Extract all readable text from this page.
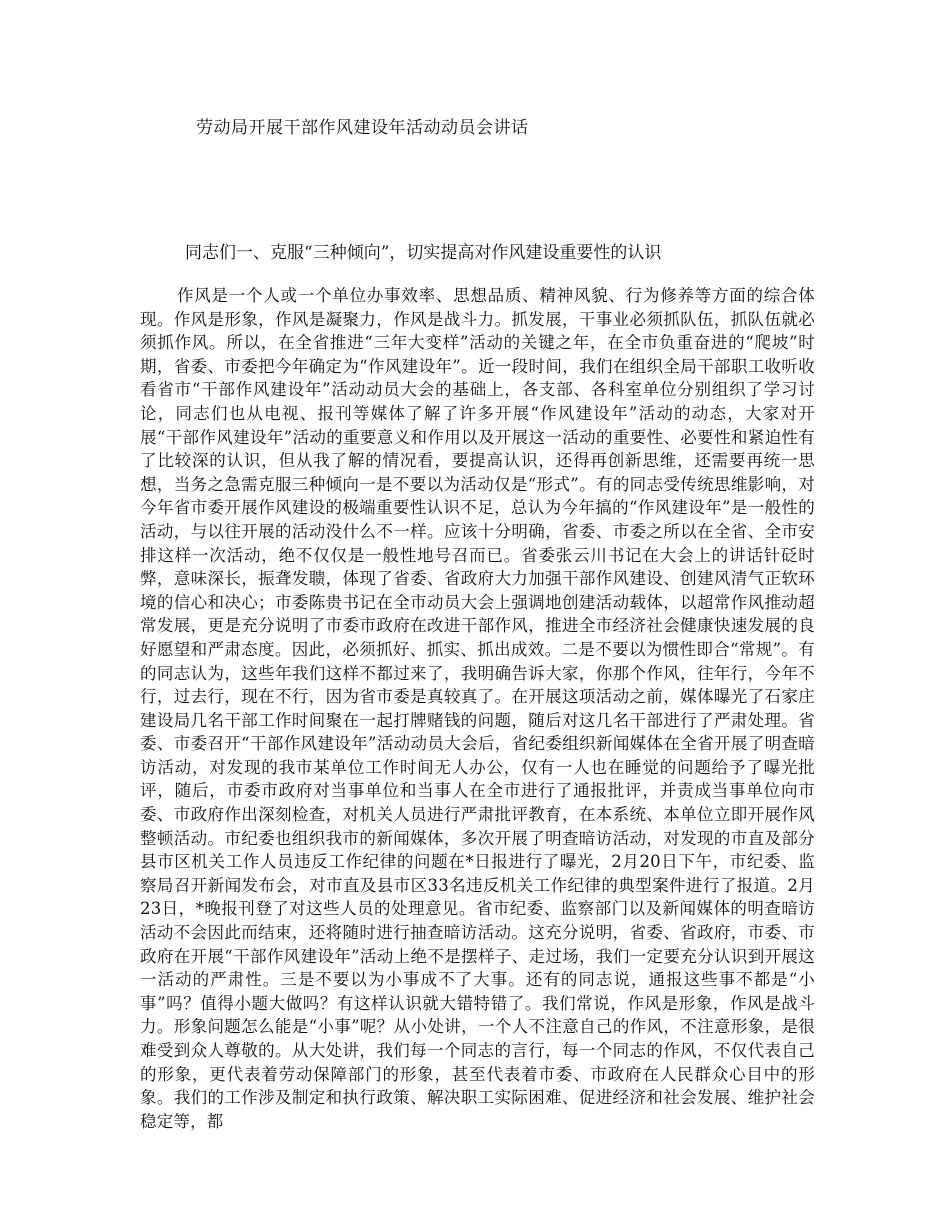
劳动局开展干部作风建设年活动动员会讲话
同志们一、克服“三种倾向”，切实提高对作风建设重要性的认识

作风是一个人或一个单位办事效率、思想品质、精神风貌、行为修养等方面的综合体现。作风是形象，作风是凝聚力，作风是战斗力。抓发展，干事业必须抓队伍，抓队伍就必须抓作风。所以，在全省推进“三年大变样”活动的关键之年，在全市负重奋进的“爬坡”时期，省委、市委把今年确定为“作风建设年”。近一段时间，我们在组织全局干部职工收听收看省市“干部作风建设年”活动动员大会的基础上，各支部、各科室单位分别组织了学习讨论，同志们也从电视、报刊等媒体了解了许多开展“作风建设年”活动的动态，大家对开展“干部作风建设年”活动的重要意义和作用以及开展这一活动的重要性、必要性和紧迫性有了比较深的认识，但从我了解的情况看，要提高认识，还得再创新思维，还需要再统一思想，当务之急需克服三种倾向一是不要以为活动仅是“形式”。有的同志受传统思维影响，对今年省市委开展作风建设的极端重要性认识不足，总认为今年搞的“作风建设年”是一般性的活动，与以往开展的活动没什么不一样。应该十分明确，省委、市委之所以在全省、全市安排这样一次活动，绝不仅仅是一般性地号召而已。省委张云川书记在大会上的讲话针砭时弊，意味深长，振聋发聩，体现了省委、省政府大力加强干部作风建设、创建风清气正软环境的信心和决心；市委陈贵书记在全市动员大会上强调地创建活动载体，以超常作风推动超常发展，更是充分说明了市委市政府在改进干部作风，推进全市经济社会健康快速发展的良好愿望和严肃态度。因此，必须抓好、抓实、抓出成效。二是不要以为惯性即合“常规”。有的同志认为，这些年我们这样不都过来了，我明确告诉大家，你那个作风，往年行，今年不行，过去行，现在不行，因为省市委是真较真了。在开展这项活动之前，媒体曝光了石家庄建设局几名干部工作时间聚在一起打牌赌钱的问题，随后对这几名干部进行了严肃处理。省委、市委召开“干部作风建设年”活动动员大会后，省纪委组织新闻媒体在全省开展了明查暗访活动，对发现的我市某单位工作时间无人办公，仅有一人也在睡觉的问题给予了曝光批评，随后，市委市政府对当事单位和当事人在全市进行了通报批评，并责成当事单位向市委、市政府作出深刻检查，对机关人员进行严肃批评教育，在本系统、本单位立即开展作风整顿活动。市纪委也组织我市的新闻媒体，多次开展了明查暗访活动，对发现的市直及部分县市区机关工作人员违反工作纪律的问题在*日报进行了曝光，2月20日下午，市纪委、监察局召开新闻发布会，对市直及县市区33名违反机关工作纪律的典型案件进行了报道。2月23日，*晚报刊登了对这些人员的处理意见。省市纪委、监察部门以及新闻媒体的明查暗访活动不会因此而结束，还将随时进行抽查暗访活动。这充分说明，省委、省政府，市委、市政府在开展“干部作风建设年”活动上绝不是摆样子、走过场，我们一定要充分认识到开展这一活动的严肃性。三是不要以为小事成不了大事。还有的同志说，通报这些事不都是“小事”吗？值得小题大做吗？有这样认识就大错特错了。我们常说，作风是形象，作风是战斗力。形象问题怎么能是“小事”呢？从小处讲，一个人不注意自己的作风，不注意形象，是很难受到众人尊敬的。从大处讲，我们每一个同志的言行，每一个同志的作风，不仅代表自己的形象，更代表着劳动保障部门的形象，甚至代表着市委、市政府在人民群众心目中的形象。我们的工作涉及制定和执行政策、解决职工实际困难、促进经济和社会发展、维护社会稳定等，都
